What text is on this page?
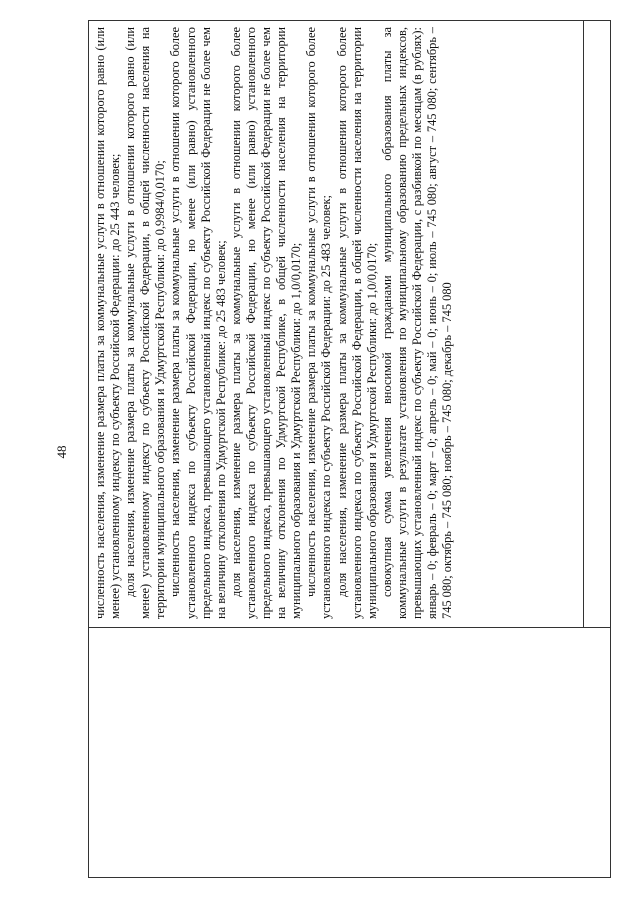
48 численность населения, изменение размера платы за коммунальные услуги в отношении которого равно (или менее) установленному индексу по субъекту Российской Федерации: до 25 443 человек; доля населения, изменение размера платы за коммунальные услуги в отношении которого равно (или менее) установленному индексу по субъекту Российской Федерации, в общей численности населения на территории муниципального образования и Удмуртской Республики: до 0,9984/0,0170; численность населения, изменение размера платы за коммунальные услуги в отношении которого более установленного индекса по субъекту Российской Федерации, но менее (или равно) установленного предельного индекса, превышающего установленный индекс по субъекту Российской Федерации не более чем на величину отклонения по Удмуртской Республике: до 25 483 человек; доля населения, изменение размера платы за коммунальные услуги в отношении которого более установленного индекса по субъекту Российской Федерации, но менее (или равно) установленного предельного индекса, превышающего установленный индекс по субъекту Российской Федерации не более чем на величину отклонения по Удмуртской Республике, в общей численности населения на территории муниципального образования и Удмуртской Республики: до 1,0/0,0170; численность населения, изменение размера платы за коммунальные услуги в отношении которого более установленного индекса по субъекту Российской Федерации: до 25 483 человек; доля населения, изменение размера платы за коммунальные услуги в отношении которого более установленного индекса по субъекту Российской Федерации, в общей численности населения на территории муниципального образования и Удмуртской Республики: до 1,0/0,0170; совокупная сумма увеличения вносимой гражданами муниципального образования платы за коммунальные услуги в результате установления по муниципальному образованию предельных индексов, превышающих установленный индекс по субъекту Российской Федерации, с разбивкой по месяцам (в рублях): январь – 0; февраль – 0; март – 0; апрель – 0; май – 0; июнь – 0; июль – 745 080; август – 745 080; сентябрь – 745 080; октябрь – 745 080; ноябрь – 745 080; декабрь – 745 080
